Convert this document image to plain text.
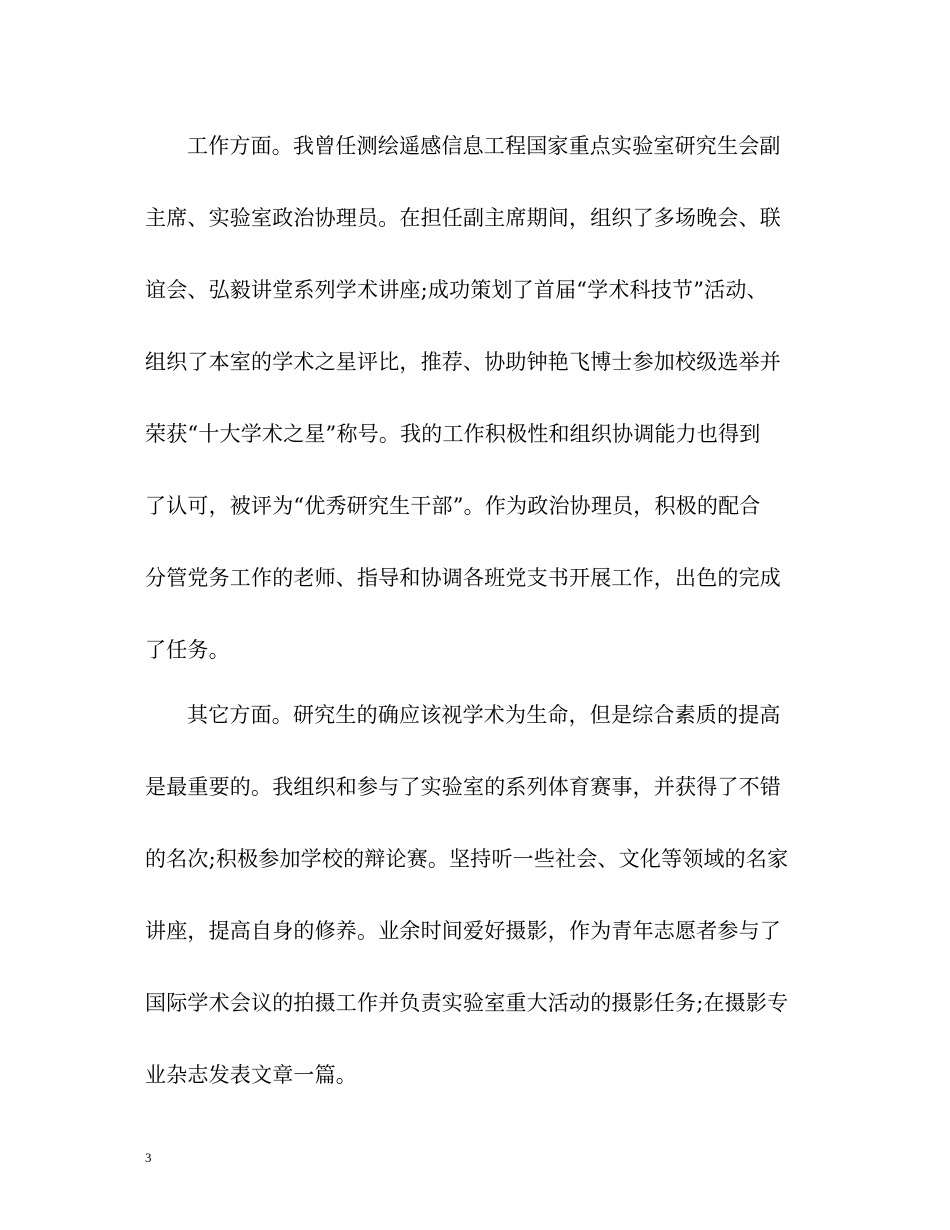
工作方面。我曾任测绘遥感信息工程国家重点实验室研究生会副
主席、实验室政治协理员。在担任副主席期间，组织了多场晚会、联
谊会、弘毅讲堂系列学术讲座;成功策划了首届“学术科技节”活动、
组织了本室的学术之星评比，推荐、协助钟艳飞博士参加校级选举并
荣获“十大学术之星”称号。我的工作积极性和组织协调能力也得到
了认可，被评为“优秀研究生干部”。作为政治协理员，积极的配合
分管党务工作的老师、指导和协调各班党支书开展工作，出色的完成
了任务。
其它方面。研究生的确应该视学术为生命，但是综合素质的提高
是最重要的。我组织和参与了实验室的系列体育赛事，并获得了不错
的名次;积极参加学校的辩论赛。坚持听一些社会、文化等领域的名家
讲座，提高自身的修养。业余时间爱好摄影，作为青年志愿者参与了
国际学术会议的拍摄工作并负责实验室重大活动的摄影任务;在摄影专
业杂志发表文章一篇。
3
